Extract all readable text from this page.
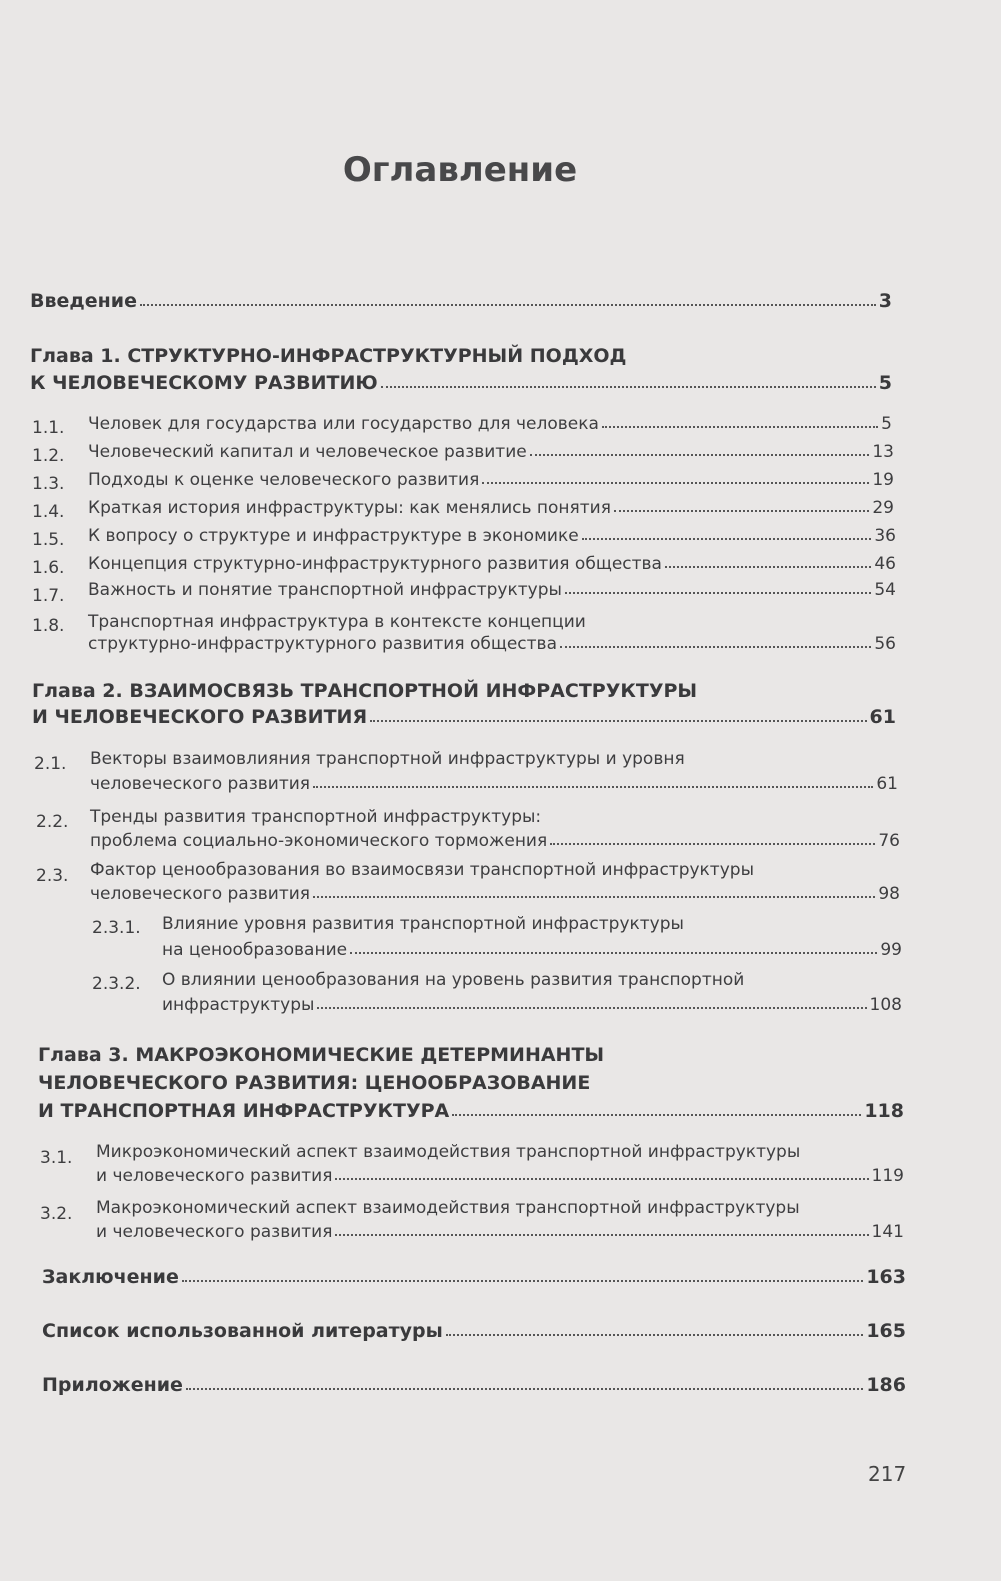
Оглавление
Введение	3
Глава 1. СТРУКТУРНО-ИНФРАСТРУКТУРНЫЙ ПОДХОД
К ЧЕЛОВЕЧЕСКОМУ РАЗВИТИЮ	5
1.1. Человек для государства или государство для человека	5
1.2. Человеческий капитал и человеческое развитие	13
1.3. Подходы к оценке человеческого развития	19
1.4. Краткая история инфраструктуры: как менялись понятия	29
1.5. К вопросу о структуре и инфраструктуре в экономике	36
1.6. Концепция структурно-инфраструктурного развития общества	46
1.7. Важность и понятие транспортной инфраструктуры	54
1.8. Транспортная инфраструктура в контексте концепции
структурно-инфраструктурного развития общества	56
Глава 2. ВЗАИМОСВЯЗЬ ТРАНСПОРТНОЙ ИНФРАСТРУКТУРЫ
И ЧЕЛОВЕЧЕСКОГО РАЗВИТИЯ	61
2.1. Векторы взаимовлияния транспортной инфраструктуры и уровня
человеческого развития	61
2.2. Тренды развития транспортной инфраструктуры:
проблема социально-экономического торможения	76
2.3. Фактор ценообразования во взаимосвязи транспортной инфраструктуры
человеческого развития	98
2.3.1. Влияние уровня развития транспортной инфраструктуры
на ценообразование	99
2.3.2. О влиянии ценообразования на уровень развития транспортной
инфраструктуры	108
Глава 3. МАКРОЭКОНОМИЧЕСКИЕ ДЕТЕРМИНАНТЫ
ЧЕЛОВЕЧЕСКОГО РАЗВИТИЯ: ЦЕНООБРАЗОВАНИЕ
И ТРАНСПОРТНАЯ ИНФРАСТРУКТУРА	118
3.1. Микроэкономический аспект взаимодействия транспортной инфраструктуры
и человеческого развития	119
3.2. Макроэкономический аспект взаимодействия транспортной инфраструктуры
и человеческого развития	141
Заключение	163
Список использованной литературы	165
Приложение	186
217
